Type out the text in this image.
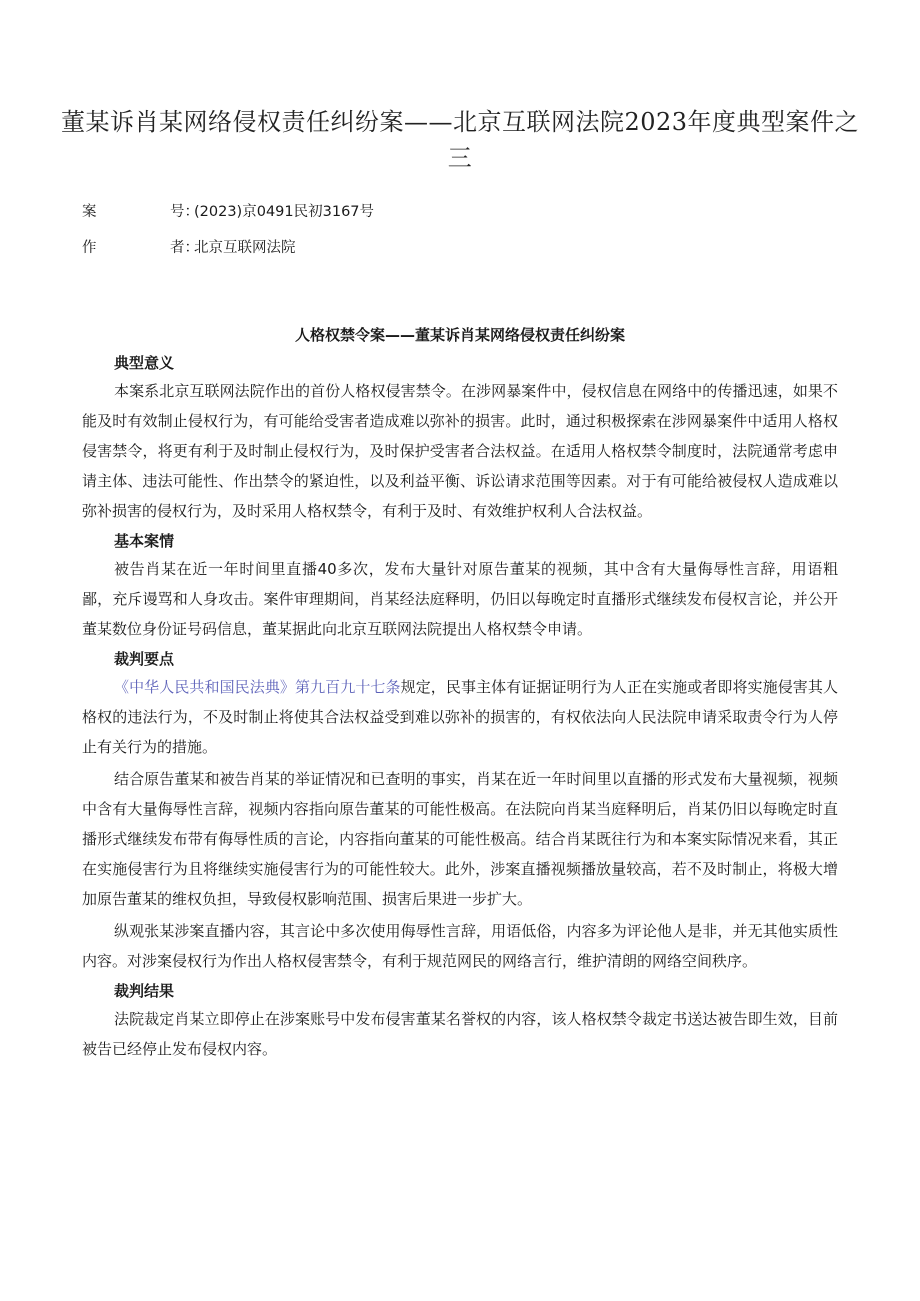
董某诉肖某网络侵权责任纠纷案——北京互联网法院2023年度典型案件之三
案	号：
(2023)京0491民初3167号
作	者：
北京互联网法院
人格权禁令案——董某诉肖某网络侵权责任纠纷案
典型意义

本案系北京互联网法院作出的首份人格权侵害禁令。在涉网暴案件中，侵权信息在网络中的传播迅速，如果不能及时有效制止侵权行为，有可能给受害者造成难以弥补的损害。此时，通过积极探索在涉网暴案件中适用人格权侵害禁令，将更有利于及时制止侵权行为，及时保护受害者合法权益。在适用人格权禁令制度时，法院通常考虑申请主体、违法可能性、作出禁令的紧迫性，以及利益平衡、诉讼请求范围等因素。对于有可能给被侵权人造成难以弥补损害的侵权行为，及时采用人格权禁令，有利于及时、有效维护权利人合法权益。

基本案情

被告肖某在近一年时间里直播40多次，发布大量针对原告董某的视频，其中含有大量侮辱性言辞，用语粗鄙，充斥谩骂和人身攻击。案件审理期间，肖某经法庭释明，仍旧以每晚定时直播形式继续发布侵权言论，并公开董某数位身份证号码信息，董某据此向北京互联网法院提出人格权禁令申请。

裁判要点

《中华人民共和国民法典》第九百九十七条规定，民事主体有证据证明行为人正在实施或者即将实施侵害其人格权的违法行为，不及时制止将使其合法权益受到难以弥补的损害的，有权依法向人民法院申请采取责令行为人停止有关行为的措施。

结合原告董某和被告肖某的举证情况和已查明的事实，肖某在近一年时间里以直播的形式发布大量视频，视频中含有大量侮辱性言辞，视频内容指向原告董某的可能性极高。在法院向肖某当庭释明后，肖某仍旧以每晚定时直播形式继续发布带有侮辱性质的言论，内容指向董某的可能性极高。结合肖某既往行为和本案实际情况来看，其正在实施侵害行为且将继续实施侵害行为的可能性较大。此外，涉案直播视频播放量较高，若不及时制止，将极大增加原告董某的维权负担，导致侵权影响范围、损害后果进一步扩大。

纵观张某涉案直播内容，其言论中多次使用侮辱性言辞，用语低俗，内容多为评论他人是非，并无其他实质性内容。对涉案侵权行为作出人格权侵害禁令，有利于规范网民的网络言行，维护清朗的网络空间秩序。

裁判结果

法院裁定肖某立即停止在涉案账号中发布侵害董某名誉权的内容，该人格权禁令裁定书送达被告即生效，目前被告已经停止发布侵权内容。
